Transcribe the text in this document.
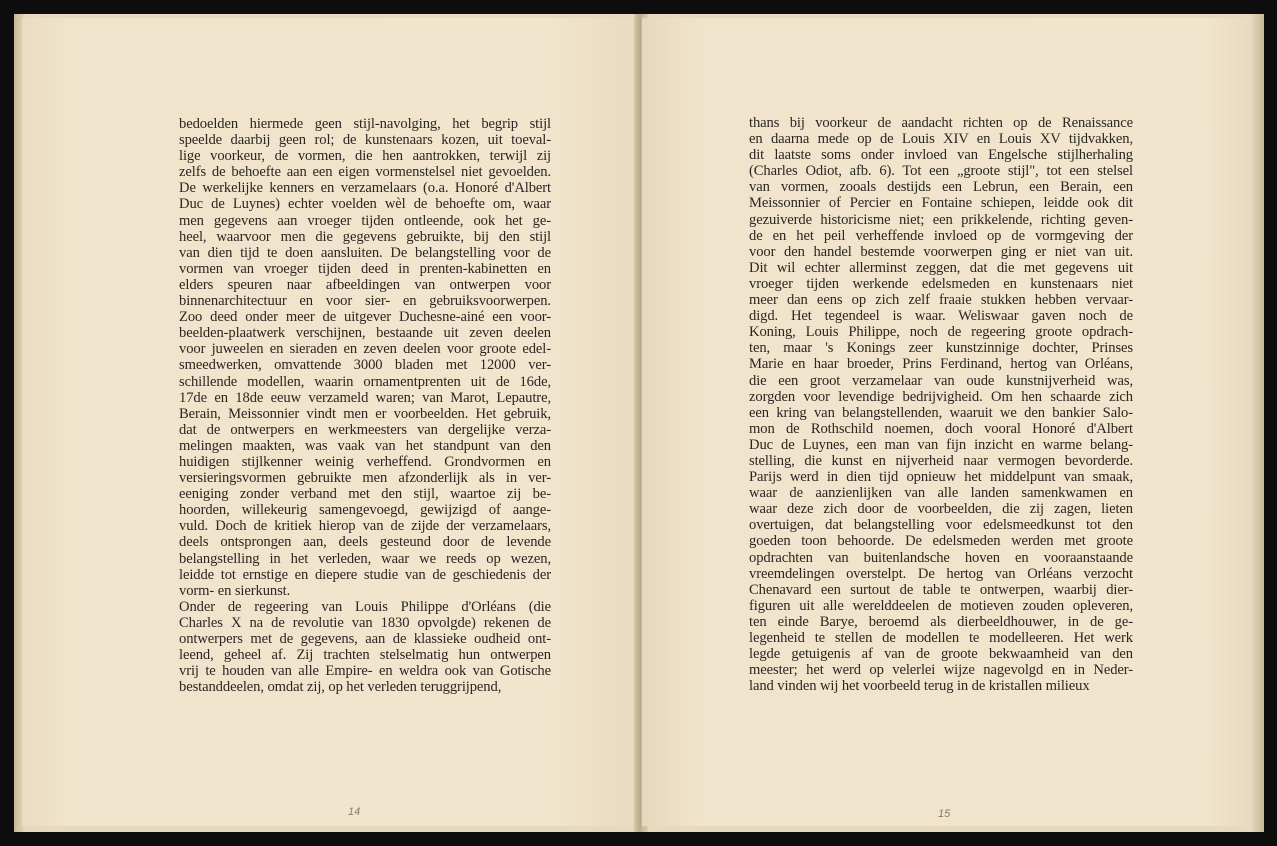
bedoelden hiermede geen stijl-navolging, het begrip stijl
speelde daarbij geen rol; de kunstenaars kozen, uit toeval-
lige voorkeur, de vormen, die hen aantrokken, terwijl zij
zelfs de behoefte aan een eigen vormenstelsel niet gevoelden.
De werkelijke kenners en verzamelaars (o.a. Honoré d'Albert
Duc de Luynes) echter voelden wèl de behoefte om, waar
men gegevens aan vroeger tijden ontleende, ook het ge-
heel, waarvoor men die gegevens gebruikte, bij den stijl
van dien tijd te doen aansluiten. De belangstelling voor de
vormen van vroeger tijden deed in prenten-kabinetten en
elders speuren naar afbeeldingen van ontwerpen voor
binnenarchitectuur en voor sier- en gebruiksvoorwerpen.
Zoo deed onder meer de uitgever Duchesne-ainé een voor-
beelden-plaatwerk verschijnen, bestaande uit zeven deelen
voor juweelen en sieraden en zeven deelen voor groote edel-
smeedwerken, omvattende 3000 bladen met 12000 ver-
schillende modellen, waarin ornamentprenten uit de 16de,
17de en 18de eeuw verzameld waren; van Marot, Lepautre,
Berain, Meissonnier vindt men er voorbeelden. Het gebruik,
dat de ontwerpers en werkmeesters van dergelijke verza-
melingen maakten, was vaak van het standpunt van den
huidigen stijlkenner weinig verheffend. Grondvormen en
versieringsvormen gebruikte men afzonderlijk als in ver-
eeniging zonder verband met den stijl, waartoe zij be-
hoorden, willekeurig samengevoegd, gewijzigd of aange-
vuld. Doch de kritiek hierop van de zijde der verzamelaars,
deels ontsprongen aan, deels gesteund door de levende
belangstelling in het verleden, waar we reeds op wezen,
leidde tot ernstige en diepere studie van de geschiedenis der
vorm- en sierkunst.
Onder de regeering van Louis Philippe d'Orléans (die
Charles X na de revolutie van 1830 opvolgde) rekenen de
ontwerpers met de gegevens, aan de klassieke oudheid ont-
leend, geheel af. Zij trachten stelselmatig hun ontwerpen
vrij te houden van alle Empire- en weldra ook van Gotische
bestanddeelen, omdat zij, op het verleden teruggrijpend,
14
thans bij voorkeur de aandacht richten op de Renaissance
en daarna mede op de Louis XIV en Louis XV tijdvakken,
dit laatste soms onder invloed van Engelsche stijlherhaling
(Charles Odiot, afb. 6). Tot een „groote stijl", tot een stelsel
van vormen, zooals destijds een Lebrun, een Berain, een
Meissonnier of Percier en Fontaine schiepen, leidde ook dit
gezuiverde historicisme niet; een prikkelende, richting geven-
de en het peil verheffende invloed op de vormgeving der
voor den handel bestemde voorwerpen ging er niet van uit.
Dit wil echter allerminst zeggen, dat die met gegevens uit
vroeger tijden werkende edelsmeden en kunstenaars niet
meer dan eens op zich zelf fraaie stukken hebben vervaar-
digd. Het tegendeel is waar. Weliswaar gaven noch de
Koning, Louis Philippe, noch de regeering groote opdrach-
ten, maar 's Konings zeer kunstzinnige dochter, Prinses
Marie en haar broeder, Prins Ferdinand, hertog van Orléans,
die een groot verzamelaar van oude kunstnijverheid was,
zorgden voor levendige bedrijvigheid. Om hen schaarde zich
een kring van belangstellenden, waaruit we den bankier Salo-
mon de Rothschild noemen, doch vooral Honoré d'Albert
Duc de Luynes, een man van fijn inzicht en warme belang-
stelling, die kunst en nijverheid naar vermogen bevorderde.
Parijs werd in dien tijd opnieuw het middelpunt van smaak,
waar de aanzienlijken van alle landen samenkwamen en
waar deze zich door de voorbeelden, die zij zagen, lieten
overtuigen, dat belangstelling voor edelsmeedkunst tot den
goeden toon behoorde. De edelsmeden werden met groote
opdrachten van buitenlandsche hoven en vooraanstaande
vreemdelingen overstelpt. De hertog van Orléans verzocht
Chenavard een surtout de table te ontwerpen, waarbij dier-
figuren uit alle werelddeelen de motieven zouden opleveren,
ten einde Barye, beroemd als dierbeeldhouwer, in de ge-
legenheid te stellen de modellen te modelleeren. Het werk
legde getuigenis af van de groote bekwaamheid van den
meester; het werd op velerlei wijze nagevolgd en in Neder-
land vinden wij het voorbeeld terug in de kristallen milieux
15
